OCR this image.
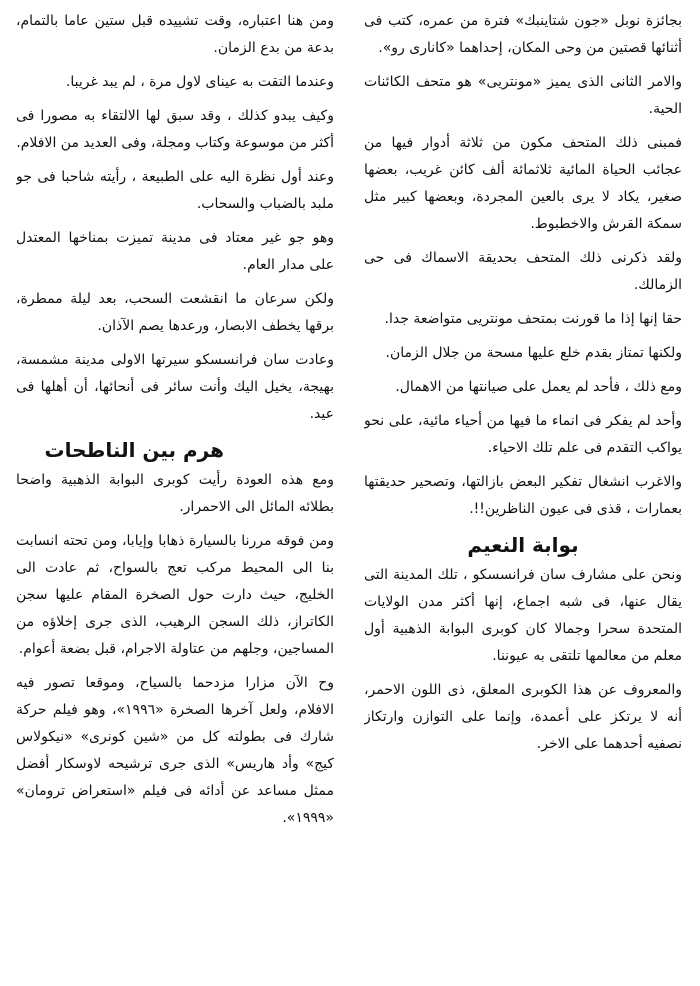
بجائزة نوبل «جون شتاينبك» فترة من عمره، كتب فى أثنائها قصتين من وحى المكان، إحداهما «كانارى رو».

والامر الثانى الذى يميز «مونتريى» هو متحف الكائنات الحية.

فمبنى ذلك المتحف مكون من ثلاثة أدوار فيها من عجائب الحياة المائية ثلاثمائة ألف كائن غريب، بعضها صغير، يكاد لا يرى بالعين المجردة، وبعضها كبير مثل سمكة القرش والاخطبوط.

ولقد ذكرنى ذلك المتحف بحديقة الاسماك فى حى الزمالك.

حقا إنها إذا ما قورنت بمتحف مونتريى متواضعة جدا.

ولكنها تمتاز بقدم خلع عليها مسحة من جلال الزمان.

ومع ذلك ، فأحد لم يعمل على صيانتها من الاهمال.

وأحد لم يفكر فى انماء ما فيها من أحياء مائية، على نحو يواكب التقدم فى علم تلك الاحياء.

والاغرب انشغال تفكير البعض بازالتها، وتصحير حديقتها بعمارات ، قذى فى عيون الناظرين!!.

بوابة النعيم

ونحن على مشارف سان فرانسسكو ، تلك المدينة التى يقال عنها، فى شبه اجماع، إنها أكثر مدن الولايات المتحدة سحرا وجمالا كان كوبرى البوابة الذهبية أول معلم من معالمها تلتقى به عيوننا.

والمعروف عن هذا الكوبرى المعلق، ذى اللون الاحمر، أنه لا يرتكز على أعمدة، وإنما على التوازن وارتكاز نصفيه أحدهما على الاخر.

ومن هنا اعتباره، وقت تشييده قبل ستين عاما بالتمام، بدعة من بدع الزمان.

وعندما التقت به عيناى لاول مرة ، لم يبد غريبا.

وكيف يبدو كذلك ، وقد سبق لها الالتقاء به مصورا فى أكثر من موسوعة وكتاب ومجلة، وفى العديد من الافلام.

وعند أول نظرة اليه على الطبيعة ، رأيته شاحبا فى جو ملبد بالضباب والسحاب.

وهو جو غير معتاد فى مدينة تميزت بمناخها المعتدل على مدار العام.

ولكن سرعان ما انقشعت السحب، بعد ليلة ممطرة، برقها يخطف الابصار، ورعدها يصم الآذان.

وعادت سان فرانسسكو سيرتها الاولى مدينة مشمسة، بهيجة، يخيل اليك وأنت سائر فى أنحائها، أن أهلها فى عيد.

هرم بين الناطحات

ومع هذه العودة رأيت كوبرى البوابة الذهبية واضحا بطلائه المائل الى الاحمرار.

ومن فوقه مررنا بالسيارة ذهابا وإيابا، ومن تحته انسابت بنا الى المحيط مركب تعج بالسواح، ثم عادت الى الخليج، حيث دارت حول الصخرة المقام عليها سجن الكاتراز، ذلك السجن الرهيب، الذى جرى إخلاؤه من المساجين، وجلهم من عتاولة الاجرام، قبل بضعة أعوام.

وح الآن مزارا مزدحما بالسياح، وموقعا تصور فيه الافلام، ولعل آخرها الصخرة «١٩٩٦»، وهو فيلم حركة شارك فى بطولته كل من «شين كونرى» «نيكولاس كيج» وأد هاريس» الذى جرى ترشيحه لاوسكار أفضل ممثل مساعد عن أدائه فى فيلم «استعراض ترومان» «١٩٩٩».
